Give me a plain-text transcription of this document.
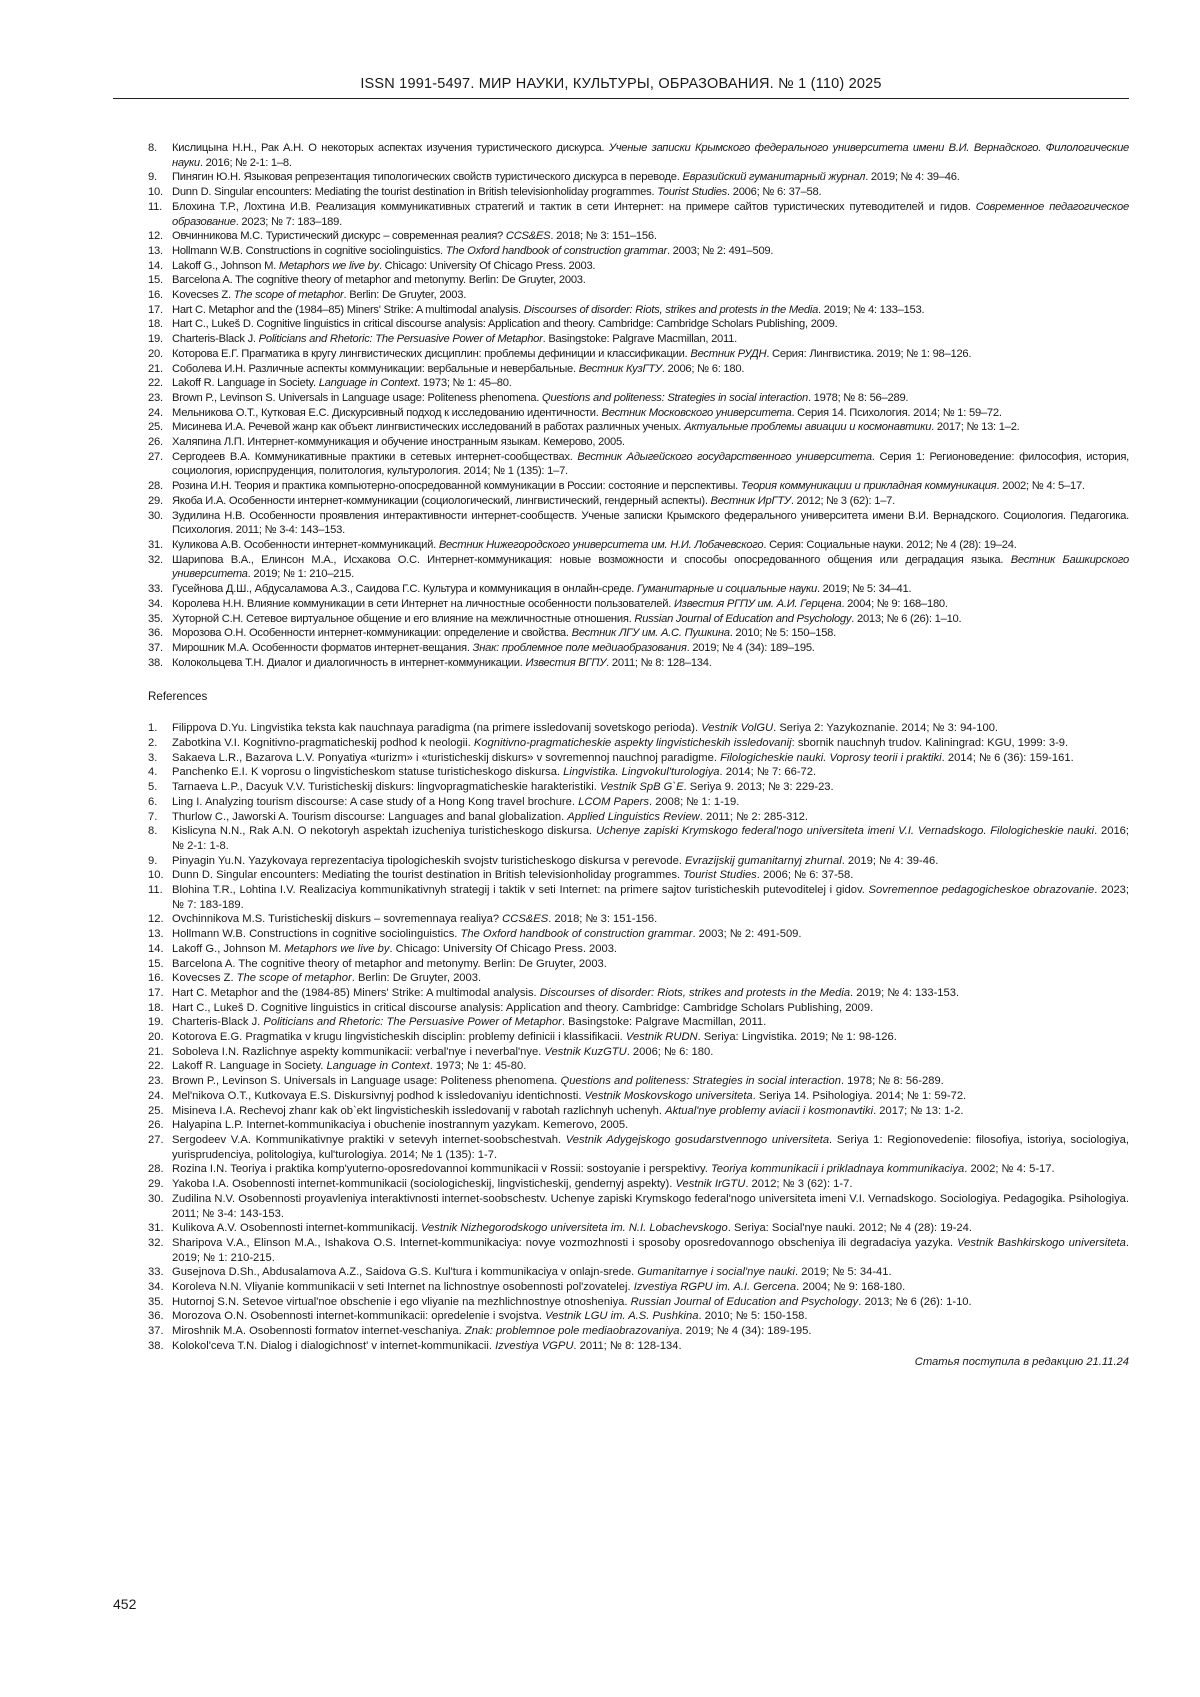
ISSN 1991-5497. МИР НАУКИ, КУЛЬТУРЫ, ОБРАЗОВАНИЯ. № 1 (110) 2025
8. Кислицына Н.Н., Рак А.Н. О некоторых аспектах изучения туристического дискурса. Ученые записки Крымского федерального университета имени В.И. Вернадского. Филологические науки. 2016; № 2-1: 1–8.
9. Пинягин Ю.Н. Языковая репрезентация типологических свойств туристического дискурса в переводе. Евразийский гуманитарный журнал. 2019; № 4: 39–46.
10. Dunn D. Singular encounters: Mediating the tourist destination in British televisionholiday programmes. Tourist Studies. 2006; № 6: 37–58.
11. Блохина Т.Р., Лохтина И.В. Реализация коммуникативных стратегий и тактик в сети Интернет: на примере сайтов туристических путеводителей и гидов. Современное педагогическое образование. 2023; № 7: 183–189.
12. Овчинникова М.С. Туристический дискурс – современная реалия? CCS&ES. 2018; № 3: 151–156.
13. Hollmann W.B. Constructions in cognitive sociolinguistics. The Oxford handbook of construction grammar. 2003; № 2: 491–509.
14. Lakoff G., Johnson M. Metaphors we live by. Chicago: University Of Chicago Press. 2003.
15. Barcelona A. The cognitive theory of metaphor and metonymy. Berlin: De Gruyter, 2003.
16. Kovecses Z. The scope of metaphor. Berlin: De Gruyter, 2003.
17. Hart C. Metaphor and the (1984–85) Miners' Strike: A multimodal analysis. Discourses of disorder: Riots, strikes and protests in the Media. 2019; № 4: 133–153.
18. Hart C., Lukeš D. Cognitive linguistics in critical discourse analysis: Application and theory. Cambridge: Cambridge Scholars Publishing, 2009.
19. Charteris-Black J. Politicians and Rhetoric: The Persuasive Power of Metaphor. Basingstoke: Palgrave Macmillan, 2011.
20. Которова Е.Г. Прагматика в кругу лингвистических дисциплин: проблемы дефиниции и классификации. Вестник РУДН. Серия: Лингвистика. 2019; № 1: 98–126.
21. Соболева И.Н. Различные аспекты коммуникации: вербальные и невербальные. Вестник КузГТУ. 2006; № 6: 180.
22. Lakoff R. Language in Society. Language in Context. 1973; № 1: 45–80.
23. Brown P., Levinson S. Universals in Language usage: Politeness phenomena. Questions and politeness: Strategies in social interaction. 1978; № 8: 56–289.
24. Мельникова О.Т., Кутковая Е.С. Дискурсивный подход к исследованию идентичности. Вестник Московского университета. Серия 14. Психология. 2014; № 1: 59–72.
25. Мисинева И.А. Речевой жанр как объект лингвистических исследований в работах различных ученых. Актуальные проблемы авиации и космонавтики. 2017; № 13: 1–2.
26. Халяпина Л.П. Интернет-коммуникация и обучение иностранным языкам. Кемерово, 2005.
27. Сергодеев В.А. Коммуникативные практики в сетевых интернет-сообществах. Вестник Адыгейского государственного университета. Серия 1: Регионоведение: философия, история, социология, юриспруденция, политология, культурология. 2014; № 1 (135): 1–7.
28. Розина И.Н. Теория и практика компьютерно-опосредованной коммуникации в России: состояние и перспективы. Теория коммуникации и прикладная коммуникация. 2002; № 4: 5–17.
29. Якоба И.А. Особенности интернет-коммуникации (социологический, лингвистический, гендерный аспекты). Вестник ИрГТУ. 2012; № 3 (62): 1–7.
30. Зудилина Н.В. Особенности проявления интерактивности интернет-сообществ. Ученые записки Крымского федерального университета имени В.И. Вернадского. Социология. Педагогика. Психология. 2011; № 3-4: 143–153.
31. Куликова А.В. Особенности интернет-коммуникаций. Вестник Нижегородского университета им. Н.И. Лобачевского. Серия: Социальные науки. 2012; № 4 (28): 19–24.
32. Шарипова В.А., Елинсон М.А., Исхакова О.С. Интернет-коммуникация: новые возможности и способы опосредованного общения или деградация языка. Вестник Башкирского университета. 2019; № 1: 210–215.
33. Гусейнова Д.Ш., Абдусаламова А.З., Саидова Г.С. Культура и коммуникация в онлайн-среде. Гуманитарные и социальные науки. 2019; № 5: 34–41.
34. Королева Н.Н. Влияние коммуникации в сети Интернет на личностные особенности пользователей. Известия РГПУ им. А.И. Герцена. 2004; № 9: 168–180.
35. Хуторной С.Н. Сетевое виртуальное общение и его влияние на межличностные отношения. Russian Journal of Education and Psychology. 2013; № 6 (26): 1–10.
36. Морозова О.Н. Особенности интернет-коммуникации: определение и свойства. Вестник ЛГУ им. А.С. Пушкина. 2010; № 5: 150–158.
37. Мирошник М.А. Особенности форматов интернет-вещания. Знак: проблемное поле медиаобразования. 2019; № 4 (34): 189–195.
38. Колокольцева Т.Н. Диалог и диалогичность в интернет-коммуникации. Известия ВГПУ. 2011; № 8: 128–134.
References
1. Filippova D.Yu. Lingvistika teksta kak nauchnaya paradigma (na primere issledovanij sovetskogo perioda). Vestnik VolGU. Seriya 2: Yazykoznanie. 2014; № 3: 94-100.
2. Zabotkina V.I. Kognitivno-pragmaticheskij podhod k neologii. Kognitivno-pragmaticheskie aspekty lingvisticheskih issledovanij: sbornik nauchnyh trudov. Kaliningrad: KGU, 1999: 3-9.
3. Sakaeva L.R., Bazarova L.V. Ponyatiya «turizm» i «turisticheskij diskurs» v sovremennoj nauchnoj paradigme. Filologicheskie nauki. Voprosy teorii i praktiki. 2014; № 6 (36): 159-161.
4. Panchenko E.I. K voprosu o lingvisticheskom statuse turisticheskogo diskursa. Lingvistika. Lingvokul'turologiya. 2014; № 7: 66-72.
5. Tarnaeva L.P., Dacyuk V.V. Turisticheskij diskurs: lingvopragmaticheskie harakteristiki. Vestnik SpB G`E. Seriya 9. 2013; № 3: 229-23.
6. Ling I. Analyzing tourism discourse: A case study of a Hong Kong travel brochure. LCOM Papers. 2008; № 1: 1-19.
7. Thurlow C., Jaworski A. Tourism discourse: Languages and banal globalization. Applied Linguistics Review. 2011; № 2: 285-312.
8. Kislicyna N.N., Rak A.N. O nekotoryh aspektah izucheniya turisticheskogo diskursa. Uchenye zapiski Krymskogo federal'nogo universiteta imeni V.I. Vernadskogo. Filologicheskie nauki. 2016; № 2-1: 1-8.
9. Pinyagin Yu.N. Yazykovaya reprezentaciya tipologicheskih svojstv turisticheskogo diskursa v perevode. Evrazijskij gumanitarnyj zhurnal. 2019; № 4: 39-46.
10. Dunn D. Singular encounters: Mediating the tourist destination in British televisionholiday programmes. Tourist Studies. 2006; № 6: 37-58.
11. Blohina T.R., Lohtina I.V. Realizaciya kommunikativnyh strategij i taktik v seti Internet: na primere sajtov turisticheskih putevoditelej i gidov. Sovremennoe pedagogicheskoe obrazovanie. 2023; № 7: 183-189.
12. Ovchinnikova M.S. Turisticheskij diskurs – sovremennaya realiya? CCS&ES. 2018; № 3: 151-156.
13. Hollmann W.B. Constructions in cognitive sociolinguistics. The Oxford handbook of construction grammar. 2003; № 2: 491-509.
14. Lakoff G., Johnson M. Metaphors we live by. Chicago: University Of Chicago Press. 2003.
15. Barcelona A. The cognitive theory of metaphor and metonymy. Berlin: De Gruyter, 2003.
16. Kovecses Z. The scope of metaphor. Berlin: De Gruyter, 2003.
17. Hart C. Metaphor and the (1984-85) Miners' Strike: A multimodal analysis. Discourses of disorder: Riots, strikes and protests in the Media. 2019; № 4: 133-153.
18. Hart C., Lukeš D. Cognitive linguistics in critical discourse analysis: Application and theory. Cambridge: Cambridge Scholars Publishing, 2009.
19. Charteris-Black J. Politicians and Rhetoric: The Persuasive Power of Metaphor. Basingstoke: Palgrave Macmillan, 2011.
20. Kotorova E.G. Pragmatika v krugu lingvisticheskih disciplin: problemy definicii i klassifikacii. Vestnik RUDN. Seriya: Lingvistika. 2019; № 1: 98-126.
21. Soboleva I.N. Razlichnye aspekty kommunikacii: verbal'nye i neverbal'nye. Vestnik KuzGTU. 2006; № 6: 180.
22. Lakoff R. Language in Society. Language in Context. 1973; № 1: 45-80.
23. Brown P., Levinson S. Universals in Language usage: Politeness phenomena. Questions and politeness: Strategies in social interaction. 1978; № 8: 56-289.
24. Mel'nikova O.T., Kutkovaya E.S. Diskursivnyj podhod k issledovaniyu identichnosti. Vestnik Moskovskogo universiteta. Seriya 14. Psihologiya. 2014; № 1: 59-72.
25. Misineva I.A. Rechevoj zhanr kak ob`ekt lingvisticheskih issledovanij v rabotah razlichnyh uchenyh. Aktual'nye problemy aviacii i kosmonavtiki. 2017; № 13: 1-2.
26. Halyapina L.P. Internet-kommunikaciya i obuchenie inostrannym yazykam. Kemerovo, 2005.
27. Sergodeev V.A. Kommunikativnye praktiki v setevyh internet-soobschestvah. Vestnik Adygejskogo gosudarstvennogo universiteta. Seriya 1: Regionovedenie: filosofiya, istoriya, sociologiya, yurisprudenciya, politologiya, kul'turologiya. 2014; № 1 (135): 1-7.
28. Rozina I.N. Teoriya i praktika komp'yuterno-oposredovannoi kommunikacii v Rossii: sostoyanie i perspektivy. Teoriya kommunikacii i prikladnaya kommunikaciya. 2002; № 4: 5-17.
29. Yakoba I.A. Osobennosti internet-kommunikacii (sociologicheskij, lingvisticheskij, gendernyj aspekty). Vestnik IrGTU. 2012; № 3 (62): 1-7.
30. Zudilina N.V. Osobennosti proyavleniya interaktivnosti internet-soobschestv. Uchenye zapiski Krymskogo federal'nogo universiteta imeni V.I. Vernadskogo. Sociologiya. Pedagogika. Psihologiya. 2011; № 3-4: 143-153.
31. Kulikova A.V. Osobennosti internet-kommunikacij. Vestnik Nizhegorodskogo universiteta im. N.I. Lobachevskogo. Seriya: Social'nye nauki. 2012; № 4 (28): 19-24.
32. Sharipova V.A., Elinson M.A., Ishakova O.S. Internet-kommunikaciya: novye vozmozhnosti i sposoby oposredovannogo obscheniya ili degradaciya yazyka. Vestnik Bashkirskogo universiteta. 2019; № 1: 210-215.
33. Gusejnova D.Sh., Abdusalamova A.Z., Saidova G.S. Kul'tura i kommunikaciya v onlajn-srede. Gumanitarnye i social'nye nauki. 2019; № 5: 34-41.
34. Koroleva N.N. Vliyanie kommunikacii v seti Internet na lichnostnye osobennosti pol'zovatelej. Izvestiya RGPU im. A.I. Gercena. 2004; № 9: 168-180.
35. Hutornoj S.N. Setevoe virtual'noe obschenie i ego vliyanie na mezhlichnostnye otnosheniya. Russian Journal of Education and Psychology. 2013; № 6 (26): 1-10.
36. Morozova O.N. Osobennosti internet-kommunikacii: opredelenie i svojstva. Vestnik LGU im. A.S. Pushkina. 2010; № 5: 150-158.
37. Miroshnik M.A. Osobennosti formatov internet-veschaniya. Znak: problemnoe pole mediaobrazovaniya. 2019; № 4 (34): 189-195.
38. Kolokol'ceva T.N. Dialog i dialogichnost' v internet-kommunikacii. Izvestiya VGPU. 2011; № 8: 128-134.
Статья поступила в редакцию 21.11.24
452
